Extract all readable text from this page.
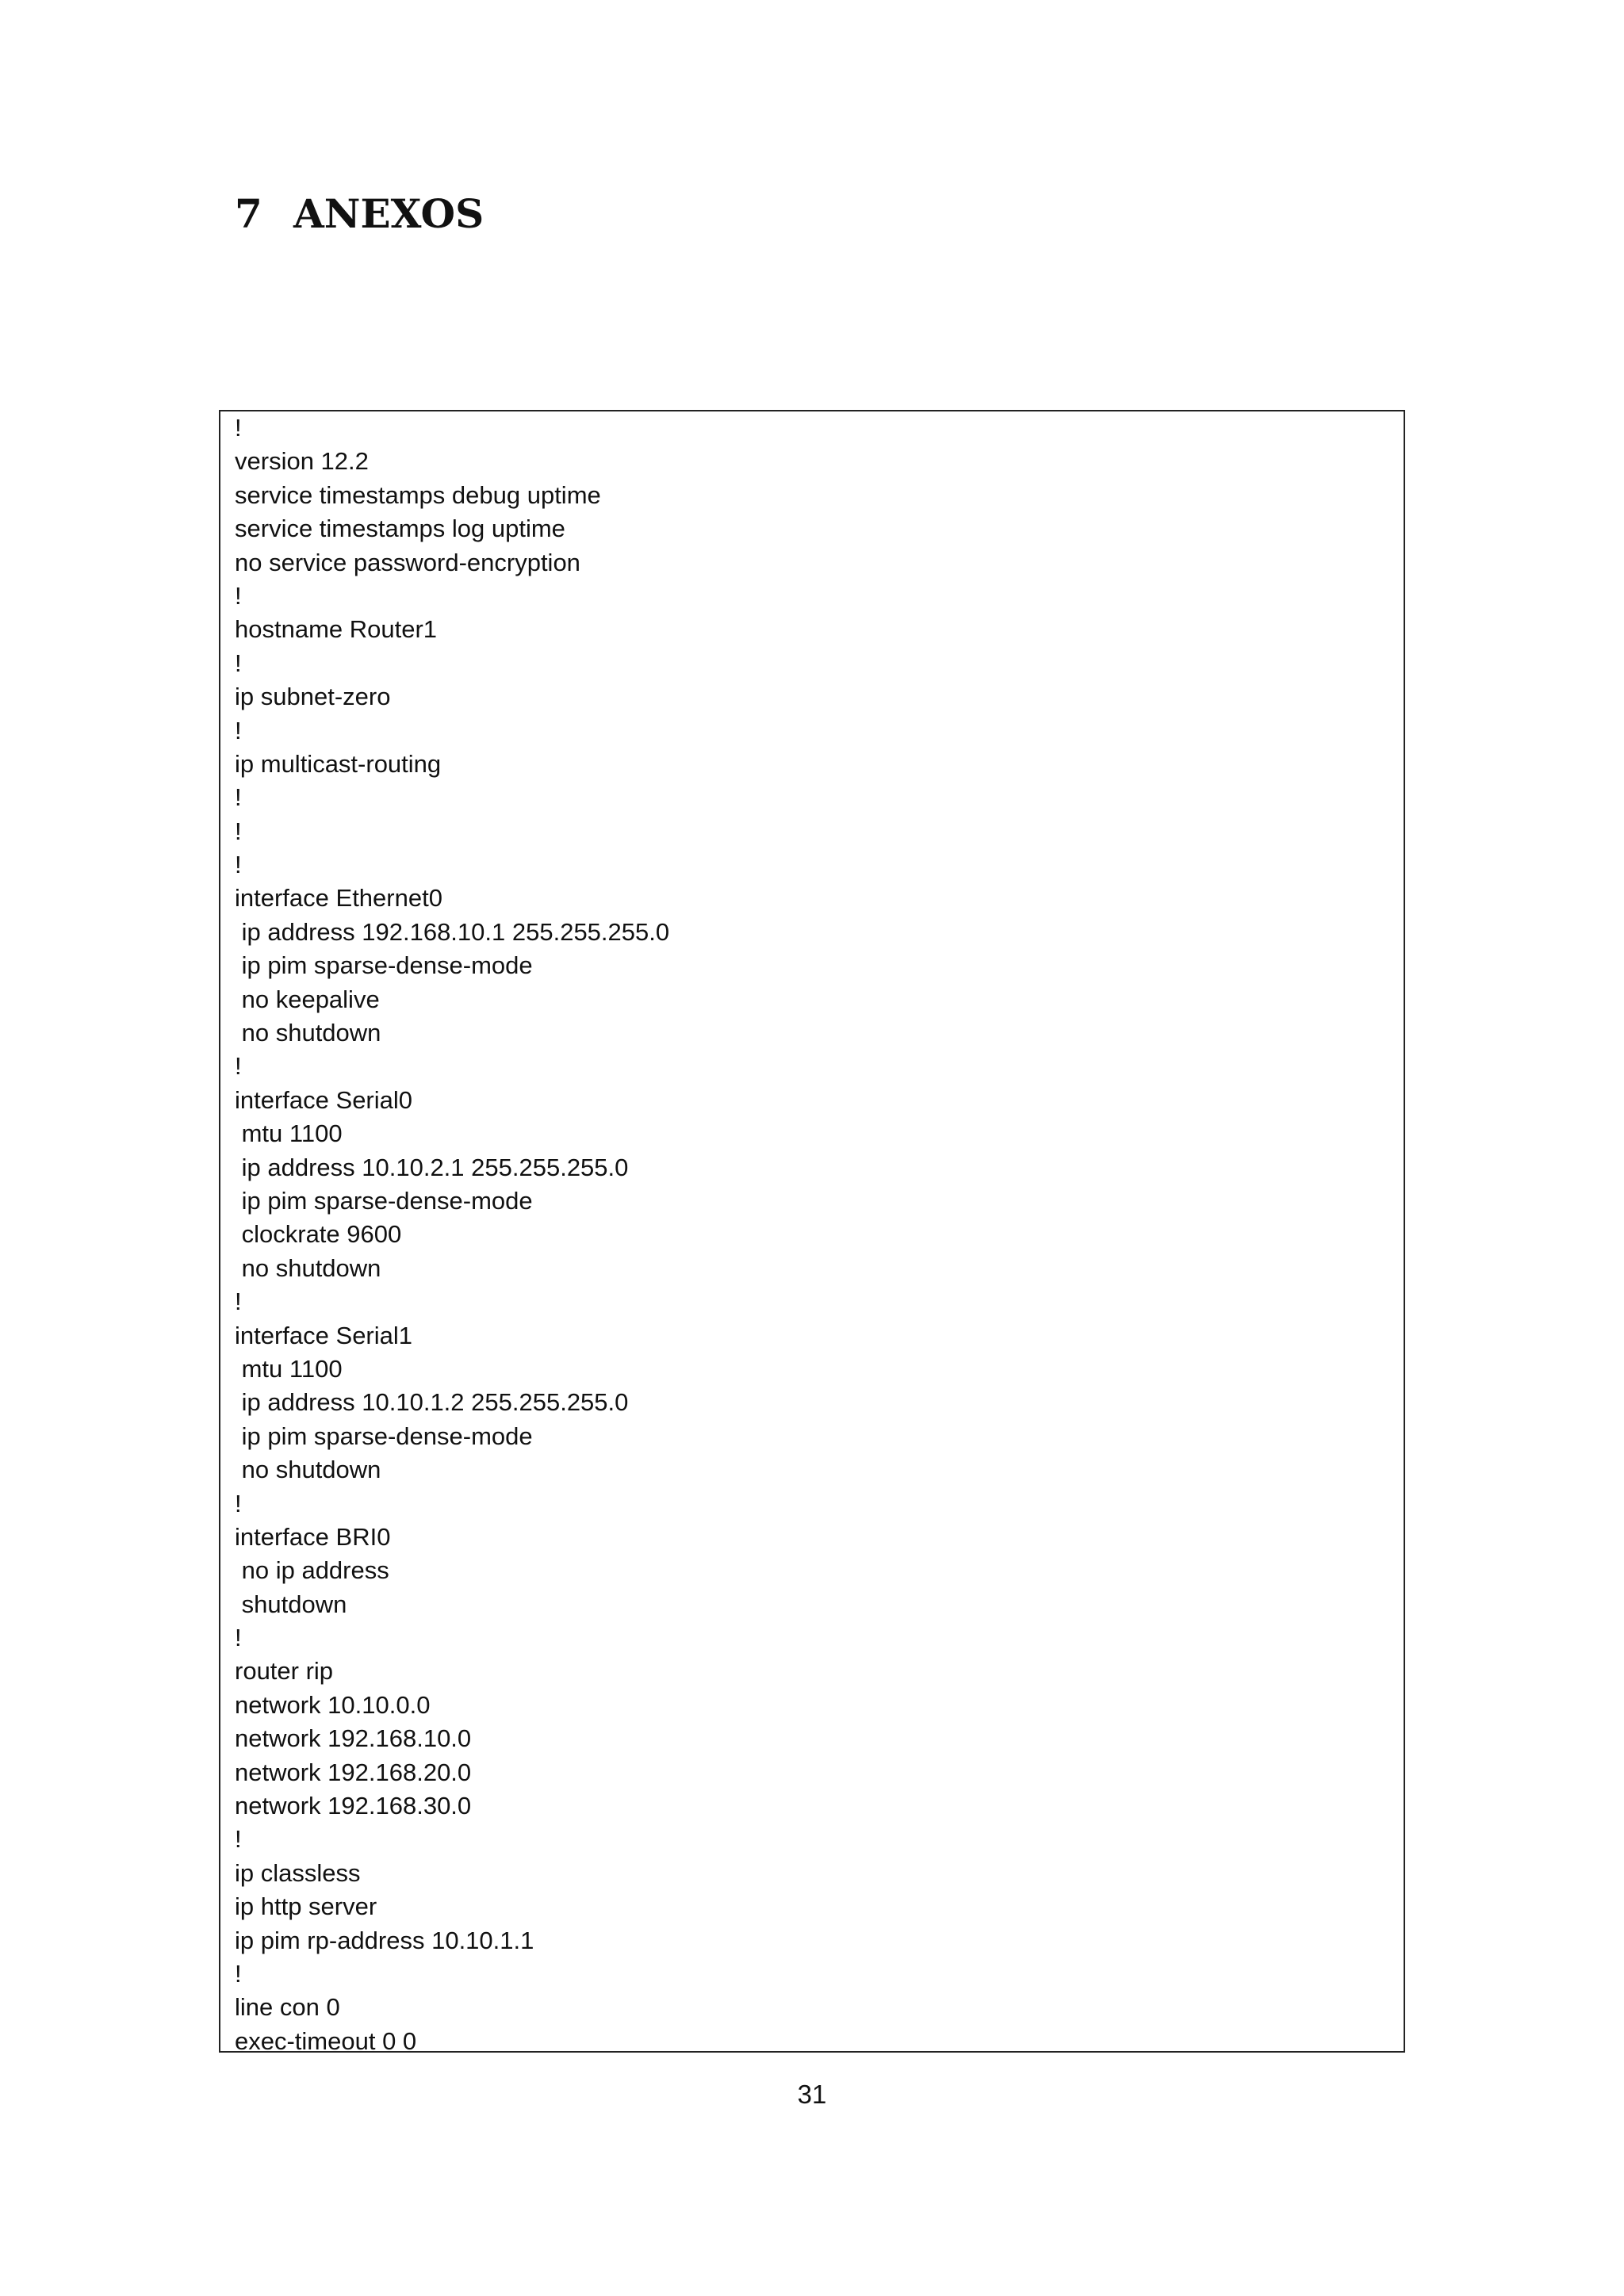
7 ANEXOS
!
version 12.2
service timestamps debug uptime
service timestamps log uptime
no service password-encryption
!
hostname Router1
!
ip subnet-zero
!
ip multicast-routing
!
!
!
interface Ethernet0
ip address 192.168.10.1 255.255.255.0
ip pim sparse-dense-mode
no keepalive
no shutdown
!
interface Serial0
mtu 1100
ip address 10.10.2.1 255.255.255.0
ip pim sparse-dense-mode
clockrate 9600
no shutdown
!
interface Serial1
mtu 1100
ip address 10.10.1.2 255.255.255.0
ip pim sparse-dense-mode
no shutdown
!
interface BRI0
no ip address
shutdown
!
router rip
network 10.10.0.0
network 192.168.10.0
network 192.168.20.0
network 192.168.30.0
!
ip classless
ip http server
ip pim rp-address 10.10.1.1
!
line con 0
exec-timeout 0 0
31
